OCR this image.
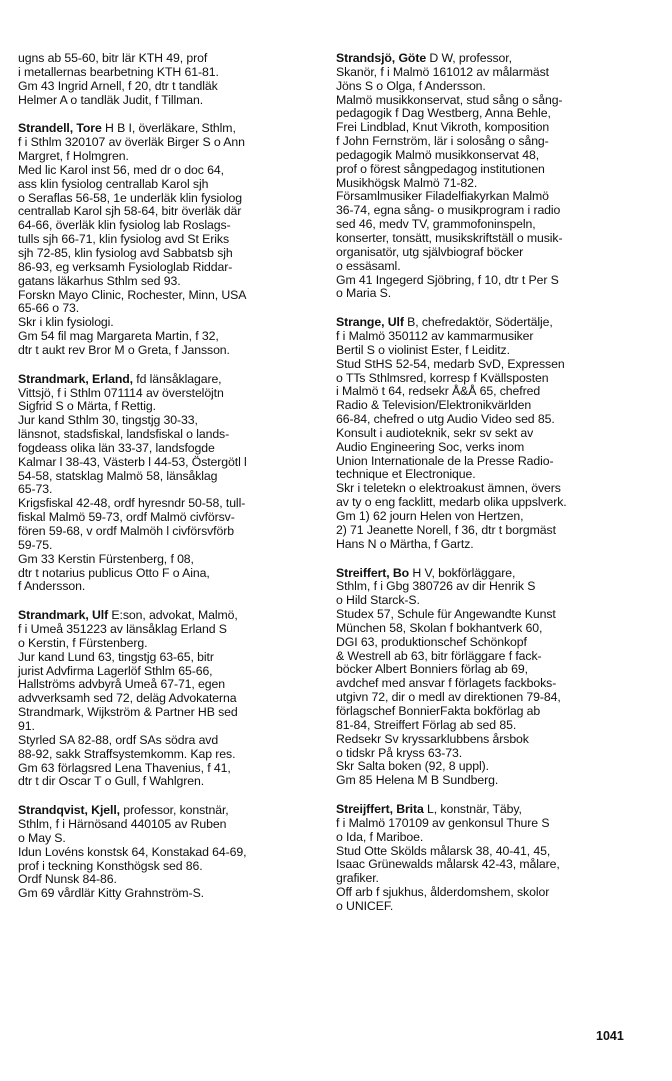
ugns ab 55-60, bitr lär KTH 49, prof
i metallernas bearbetning KTH 61-81.
Gm 43 Ingrid Arnell, f 20, dtr t tandläk
Helmer A o tandläk Judit, f Tillman.
Strandell, Tore H B I, överläkare, Sthlm,
f i Sthlm 320107 av överläk Birger S o Ann
Margret, f Holmgren.
Med lic Karol inst 56, med dr o doc 64,
ass klin fysiolog centrallab Karol sjh
o Seraflas 56-58, 1e underläk klin fysiolog
centrallab Karol sjh 58-64, bitr överläk där
64-66, överläk klin fysiolog lab Roslags-
tulls sjh 66-71, klin fysiolog avd St Eriks
sjh 72-85, klin fysiolog avd Sabbatsb sjh
86-93, eg verksamh Fysiologlab Riddar-
gatans läkarhus Sthlm sed 93.
Forskn Mayo Clinic, Rochester, Minn, USA
65-66 o 73.
Skr i klin fysiologi.
Gm 54 fil mag Margareta Martin, f 32,
dtr t aukt rev Bror M o Greta, f Jansson.
Strandmark, Erland, fd länsåklagare,
Vittsjö, f i Sthlm 071114 av överstelöjtn
Sigfrid S o Märta, f Rettig.
Jur kand Sthlm 30, tingstjg 30-33,
länsnot, stadsfiskal, landsfiskal o lands-
fogdeass olika län 33-37, landsfogde
Kalmar l 38-43, Västerb l 44-53, Östergötl l
54-58, statsklag Malmö 58, länsåklag
65-73.
Krigsfiskal 42-48, ordf hyresndr 50-58, tull-
fiskal Malmö 59-73, ordf Malmö civförsv-
fören 59-68, v ordf Malmöh l civförsvförb
59-75.
Gm 33 Kerstin Fürstenberg, f 08,
dtr t notarius publicus Otto F o Aina,
f Andersson.
Strandmark, Ulf E:son, advokat, Malmö,
f i Umeå 351223 av länsåklag Erland S
o Kerstin, f Fürstenberg.
Jur kand Lund 63, tingstjg 63-65, bitr
jurist Advfirma Lagerlöf Sthlm 65-66,
Hallströms advbyrå Umeå 67-71, egen
advverksamh sed 72, deläg Advokaterna
Strandmark, Wijkström & Partner HB sed
91.
Styrled SA 82-88, ordf SAs södra avd
88-92, sakk Straffsystemkomm. Kap res.
Gm 63 förlagsred Lena Thavenius, f 41,
dtr t dir Oscar T o Gull, f Wahlgren.
Strandqvist, Kjell, professor, konstnär,
Sthlm, f i Härnösand 440105 av Ruben
o May S.
Idun Lovéns konstsk 64, Konstakad 64-69,
prof i teckning Konsthögsk sed 86.
Ordf Nunsk 84-86.
Gm 69 vårdlär Kitty Grahnström-S.
Strandsjö, Göte D W, professor,
Skanör, f i Malmö 161012 av målarmäst
Jöns S o Olga, f Andersson.
Malmö musikkonservat, stud sång o sång-
pedagogik f Dag Westberg, Anna Behle,
Frei Lindblad, Knut Vikroth, komposition
f John Fernström, lär i solosång o sång-
pedagogik Malmö musikkonservat 48,
prof o förest sångpedagog institutionen
Musikhögsk Malmö 71-82.
Församlmusiker Filadelfiakyrkan Malmö
36-74, egna sång- o musikprogram i radio
sed 46, medv TV, grammofoninspeln,
konserter, tonsätt, musikskriftställ o musik-
organisatör, utg självbiograf böcker
o essäsaml.
Gm 41 Ingegerd Sjöbring, f 10, dtr t Per S
o Maria S.
Strange, Ulf B, chefredaktör, Södertälje,
f i Malmö 350112 av kammarmusiker
Bertil S o violinist Ester, f Leiditz.
Stud StHS 52-54, medarb SvD, Expressen
o TTs Sthlmsred, korresp f Kvällsposten
i Malmö t 64, redsekr Å&Å 65, chefred
Radio & Television/Elektronikvärlden
66-84, chefred o utg Audio Video sed 85.
Konsult i audioteknik, sekr sv sekt av
Audio Engineering Soc, verks inom
Union Internationale de la Presse Radio-
technique et Electronique.
Skr i teletekn o elektroakust ämnen, övers
av ty o eng facklitt, medarb olika uppslverk.
Gm 1) 62 journ Helen von Hertzen,
2) 71 Jeanette Norell, f 36, dtr t borgmäst
Hans N o Märtha, f Gartz.
Streiffert, Bo H V, bokförläggare,
Sthlm, f i Gbg 380726 av dir Henrik S
o Hild Starck-S.
Studex 57, Schule für Angewandte Kunst
München 58, Skolan f bokhantverk 60,
DGI 63, produktionschef Schönkopf
& Westrell ab 63, bitr förläggare f fack-
böcker Albert Bonniers förlag ab 69,
avdchef med ansvar f förlagets fackboks-
utgivn 72, dir o medl av direktionen 79-84,
förlagschef BonnierFakta bokförlag ab
81-84, Streiffert Förlag ab sed 85.
Redsekr Sv kryssarklubbens årsbok
o tidskr På kryss 63-73.
Skr Salta boken (92, 8 uppl).
Gm 85 Helena M B Sundberg.
Streijffert, Brita L, konstnär, Täby,
f i Malmö 170109 av genkonsul Thure S
o Ida, f Mariboe.
Stud Otte Skölds målarsk 38, 40-41, 45,
Isaac Grünewalds målarsk 42-43, målare,
grafiker.
Off arb f sjukhus, ålderdomshem, skolor
o UNICEF.
1041
